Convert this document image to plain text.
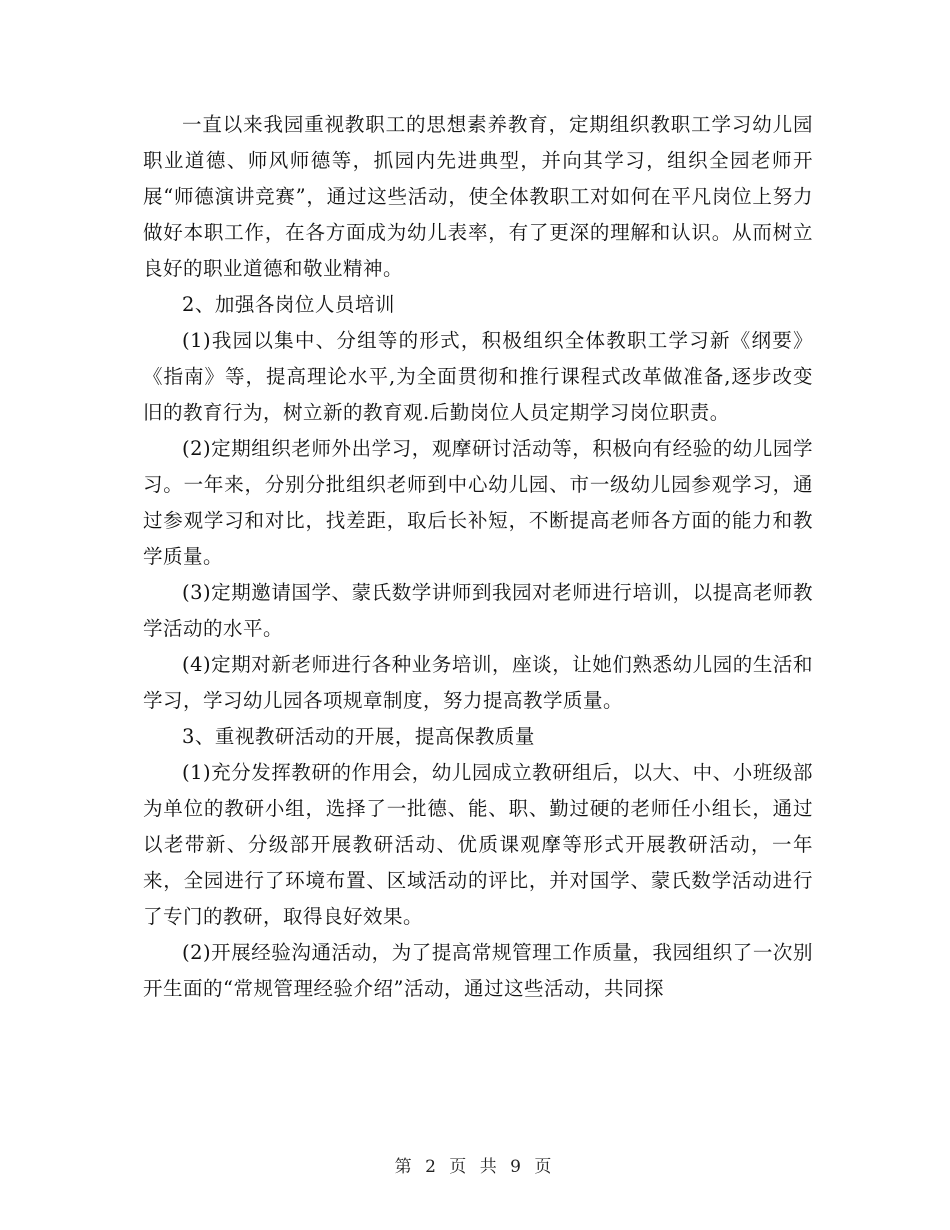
一直以来我园重视教职工的思想素养教育，定期组织教职工学习幼儿园职业道德、师风师德等，抓园内先进典型，并向其学习，组织全园老师开展“师德演讲竞赛”，通过这些活动，使全体教职工对如何在平凡岗位上努力做好本职工作，在各方面成为幼儿表率，有了更深的理解和认识。从而树立良好的职业道德和敬业精神。

2、加强各岗位人员培训

(1)我园以集中、分组等的形式，积极组织全体教职工学习新《纲要》《指南》等，提高理论水平,为全面贯彻和推行课程式改革做准备,逐步改变旧的教育行为，树立新的教育观.后勤岗位人员定期学习岗位职责。

(2)定期组织老师外出学习，观摩研讨活动等，积极向有经验的幼儿园学习。一年来，分别分批组织老师到中心幼儿园、市一级幼儿园参观学习，通过参观学习和对比，找差距，取后长补短，不断提高老师各方面的能力和教学质量。

(3)定期邀请国学、蒙氏数学讲师到我园对老师进行培训，以提高老师教学活动的水平。

(4)定期对新老师进行各种业务培训，座谈，让她们熟悉幼儿园的生活和学习，学习幼儿园各项规章制度，努力提高教学质量。

3、重视教研活动的开展，提高保教质量

(1)充分发挥教研的作用会，幼儿园成立教研组后，以大、中、小班级部为单位的教研小组，选择了一批德、能、职、勤过硬的老师任小组长，通过以老带新、分级部开展教研活动、优质课观摩等形式开展教研活动，一年来，全园进行了环境布置、区域活动的评比，并对国学、蒙氏数学活动进行了专门的教研，取得良好效果。

(2)开展经验沟通活动，为了提高常规管理工作质量，我园组织了一次别开生面的“常规管理经验介绍”活动，通过这些活动，共同探

第 2 页 共 9 页
